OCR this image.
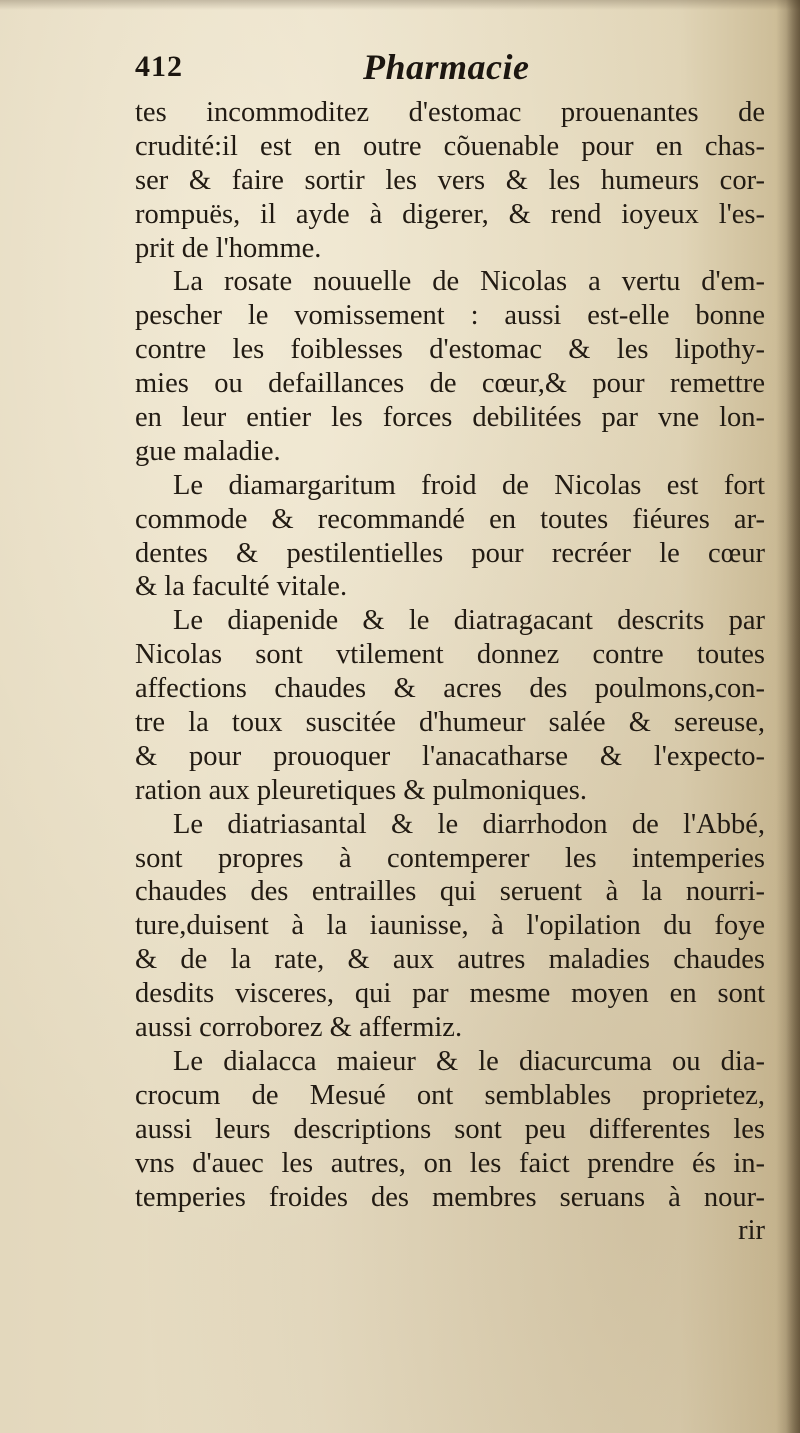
412	Pharmacie
tes incommoditez d'estomac prouenantes de
crudité:il est en outre cõuenable pour en chas-
ser & faire sortir les vers & les humeurs cor-
rompuës, il ayde à digerer, & rend ioyeux l'es-
prit de l'homme.
La rosate nouuelle de Nicolas a vertu d'em-
pescher le vomissement : aussi est-elle bonne
contre les foiblesses d'estomac & les lipothy-
mies ou defaillances de cœur,& pour remettre
en leur entier les forces debilitées par vne lon-
gue maladie.
Le diamargaritum froid de Nicolas est fort
commode & recommandé en toutes fiéures ar-
dentes & pestilentielles pour recréer le cœur
& la faculté vitale.
Le diapenide & le diatragacant descrits par
Nicolas sont vtilement donnez contre toutes
affections chaudes & acres des poulmons,con-
tre la toux suscitée d'humeur salée & sereuse,
& pour prouoquer l'anacatharse & l'expecto-
ration aux pleuretiques & pulmoniques.
Le diatriasantal & le diarrhodon de l'Abbé,
sont propres à contemperer les intemperies
chaudes des entrailles qui seruent à la nourri-
ture,duisent à la iaunisse, à l'opilation du foye
& de la rate, & aux autres maladies chaudes
desdits visceres, qui par mesme moyen en sont
aussi corroborez & affermiz.
Le dialacca maieur & le diacurcuma ou dia-
crocum de Mesué ont semblables proprietez,
aussi leurs descriptions sont peu differentes les
vns d'auec les autres, on les faict prendre és in-
temperies froides des membres seruans à nour-
rir
